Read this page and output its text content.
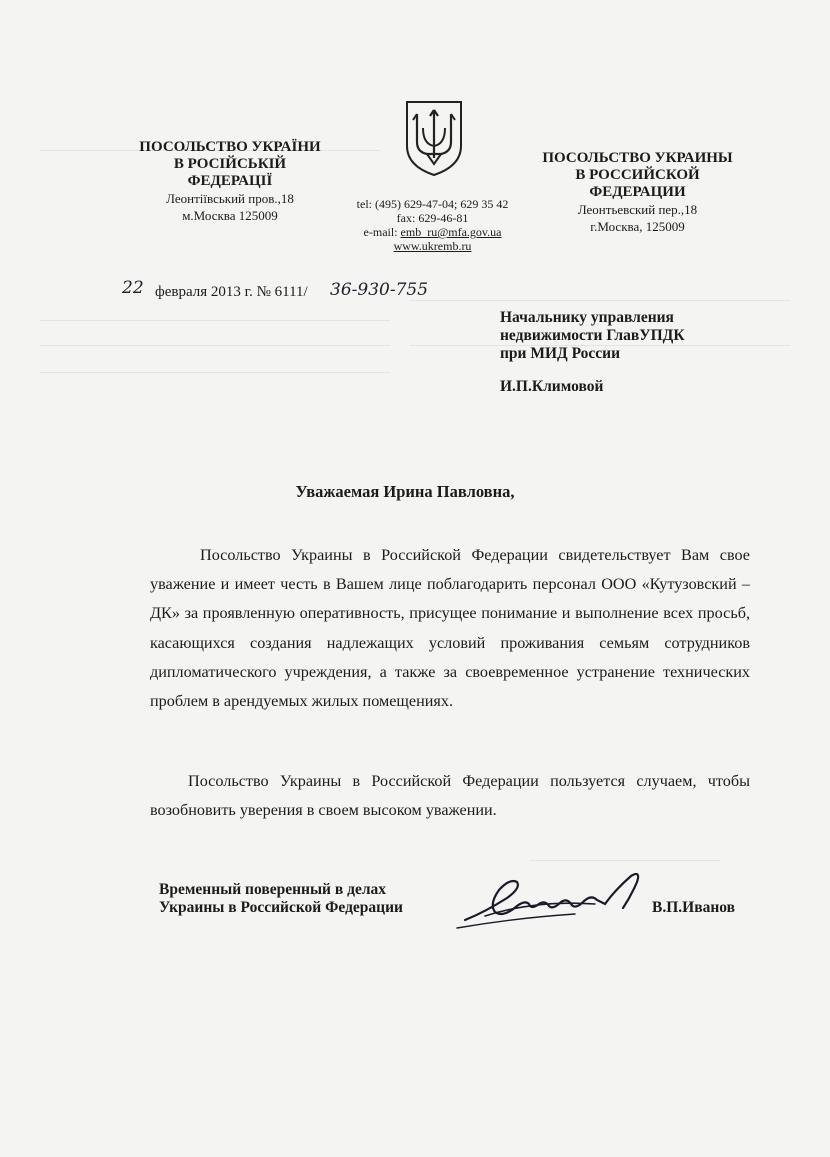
ПОСОЛЬСТВО УКРАЇНИ
В РОСІЙСЬКІЙ
ФЕДЕРАЦІЇ
Леонтіївський пров.,18
м.Москва 125009
tel: (495) 629-47-04; 629 35 42
fax: 629-46-81
e-mail: emb_ru@mfa.gov.ua
www.ukremb.ru
ПОСОЛЬСТВО УКРАИНЫ
В РОССИЙСКОЙ
ФЕДЕРАЦИИ
Леонтьевский пер.,18
г.Москва, 125009
22 февраля 2013 г. № 6111/ 36-930-755
Начальнику управления
недвижимости ГлавУПДК
при МИД России
И.П.Климовой
Уважаемая Ирина Павловна,
Посольство Украины в Российской Федерации свидетельствует Вам свое уважение и имеет честь в Вашем лице поблагодарить персонал ООО «Кутузовский – ДК» за проявленную оперативность, присущее понимание и выполнение всех просьб, касающихся создания надлежащих условий проживания семьям сотрудников дипломатического учреждения, а также за своевременное устранение технических проблем в арендуемых жилых помещениях.
Посольство Украины в Российской Федерации пользуется случаем, чтобы возобновить уверения в своем высоком уважении.
Временный поверенный в делах
Украины в Российской Федерации	В.П.Иванов
